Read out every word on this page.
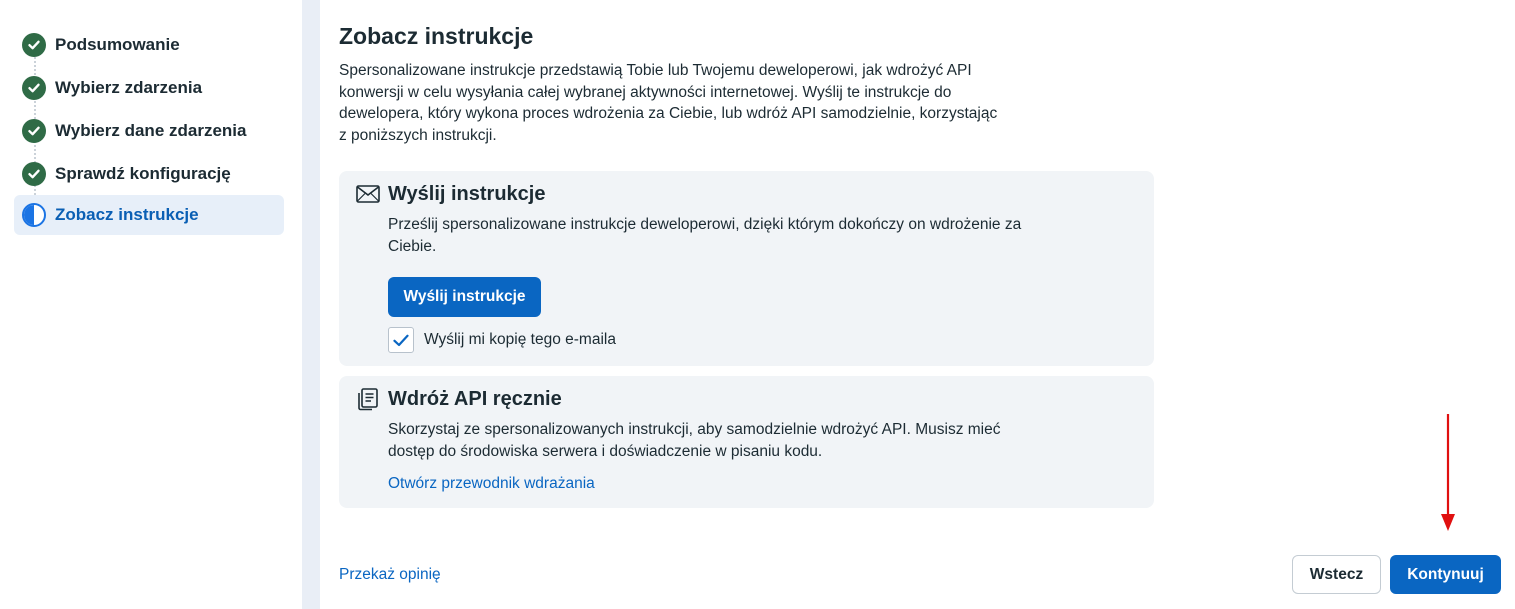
Podsumowanie
Wybierz zdarzenia
Wybierz dane zdarzenia
Sprawdź konfigurację
Zobacz instrukcje
Zobacz instrukcje

Spersonalizowane instrukcje przedstawią Tobie lub Twojemu deweloperowi, jak wdrożyć API konwersji w celu wysyłania całej wybranej aktywności internetowej. Wyślij te instrukcje do dewelopera, który wykona proces wdrożenia za Ciebie, lub wdróż API samodzielnie, korzystając z poniższych instrukcji.

Wyślij instrukcje

Prześlij spersonalizowane instrukcje deweloperowi, dzięki którym dokończy on wdrożenie za Ciebie.

Wyślij instrukcje
Wyślij mi kopię tego e-maila
Wdróż API ręcznie

Skorzystaj ze spersonalizowanych instrukcji, aby samodzielnie wdrożyć API. Musisz mieć dostęp do środowiska serwera i doświadczenie w pisaniu kodu.

Otwórz przewodnik wdrażania
Przekaż opinię	Wstecz	Kontynuuj
